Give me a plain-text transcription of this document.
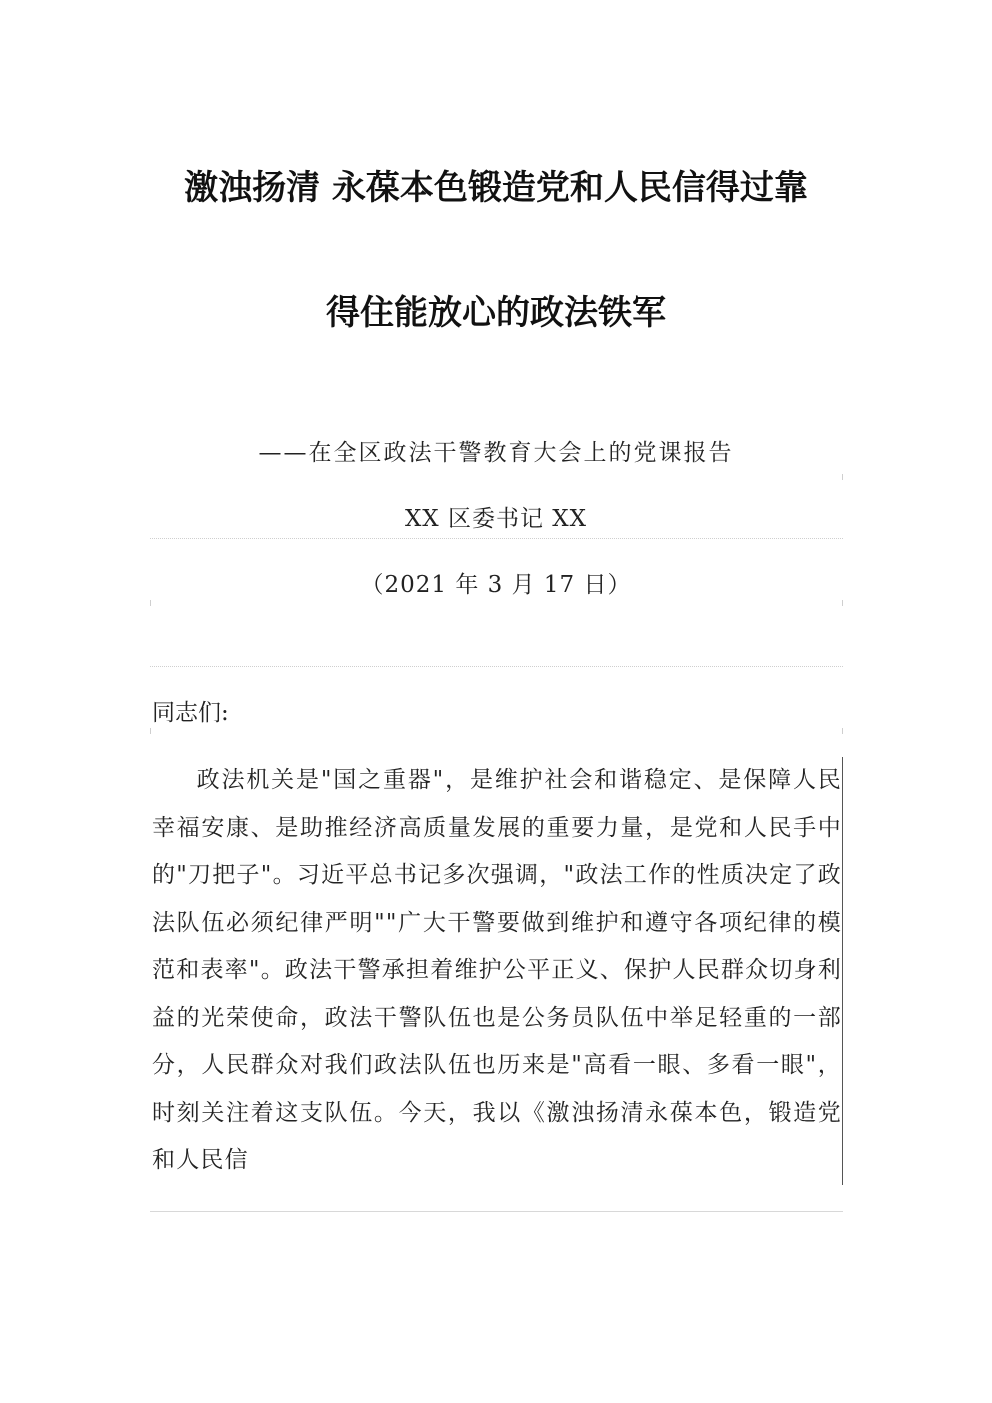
激浊扬清 永葆本色锻造党和人民信得过靠
得住能放心的政法铁军
——在全区政法干警教育大会上的党课报告
XX 区委书记 XX
（2021 年 3 月 17 日）
同志们:
政法机关是"国之重器"，是维护社会和谐稳定、是保障人民幸福安康、是助推经济高质量发展的重要力量，是党和人民手中的"刀把子"。习近平总书记多次强调，"政法工作的性质决定了政法队伍必须纪律严明""广大干警要做到维护和遵守各项纪律的模范和表率"。政法干警承担着维护公平正义、保护人民群众切身利益的光荣使命，政法干警队伍也是公务员队伍中举足轻重的一部分，人民群众对我们政法队伍也历来是"高看一眼、多看一眼"，时刻关注着这支队伍。今天，我以《激浊扬清永葆本色，锻造党和人民信
